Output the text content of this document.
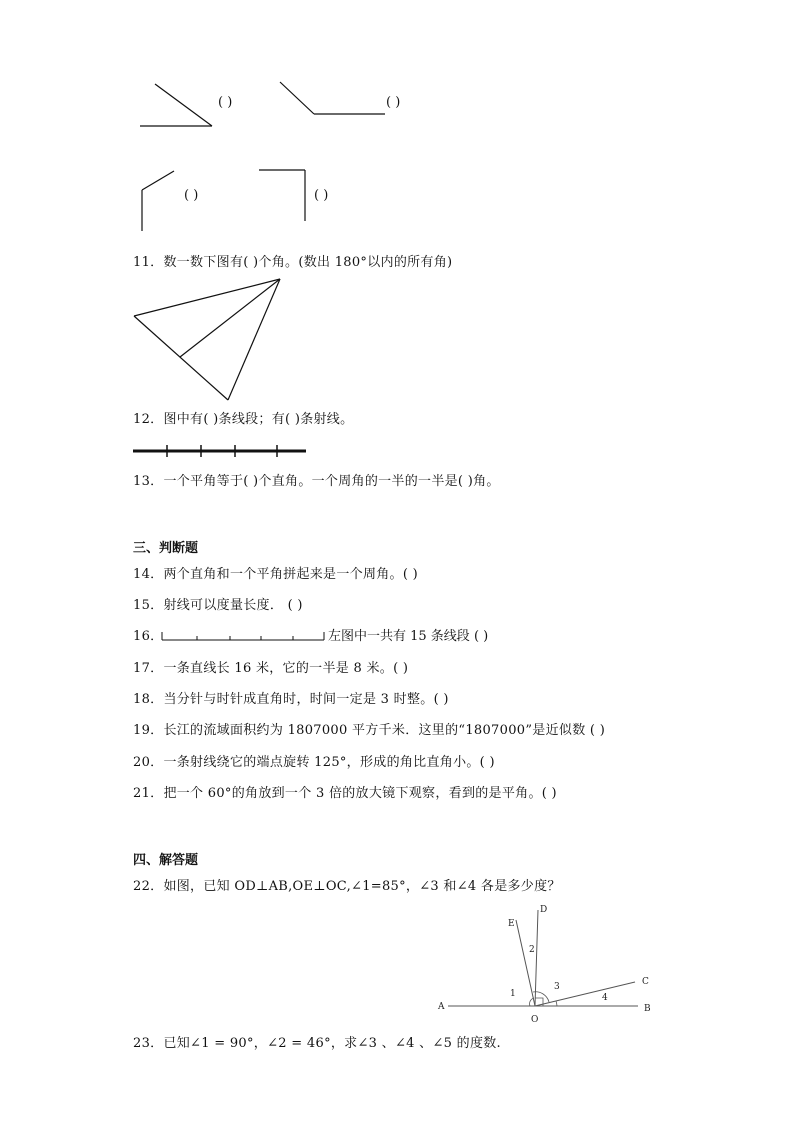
( )	( )
( )	( )
11．数一数下图有( )个角。(数出 180°以内的所有角)
12．图中有( )条线段；有( )条射线。
13．一个平角等于( )个直角。一个周角的一半的一半是( )角。
三、判断题
14．两个直角和一个平角拼起来是一个周角。( )
15．射线可以度量长度． ( )
16．	左图中一共有 15 条线段 ( )
17．一条直线长 16 米，它的一半是 8 米。( )
18．当分针与时针成直角时，时间一定是 3 时整。( )
19．长江的流域面积约为 1807000 平方千米．这里的“1807000”是近似数 ( )
20．一条射线绕它的端点旋转 125°，形成的角比直角小。( )
21．把一个 60°的角放到一个 3 倍的放大镜下观察，看到的是平角。( )
四、解答题
22．如图，已知 OD⊥AB,OE⊥OC,∠1=85°，∠3 和∠4 各是多少度？
A	B
C
D
E
O
1
2
3
4
23．已知∠1 = 90°，∠2 = 46°，求∠3 、∠4 、∠5 的度数.
